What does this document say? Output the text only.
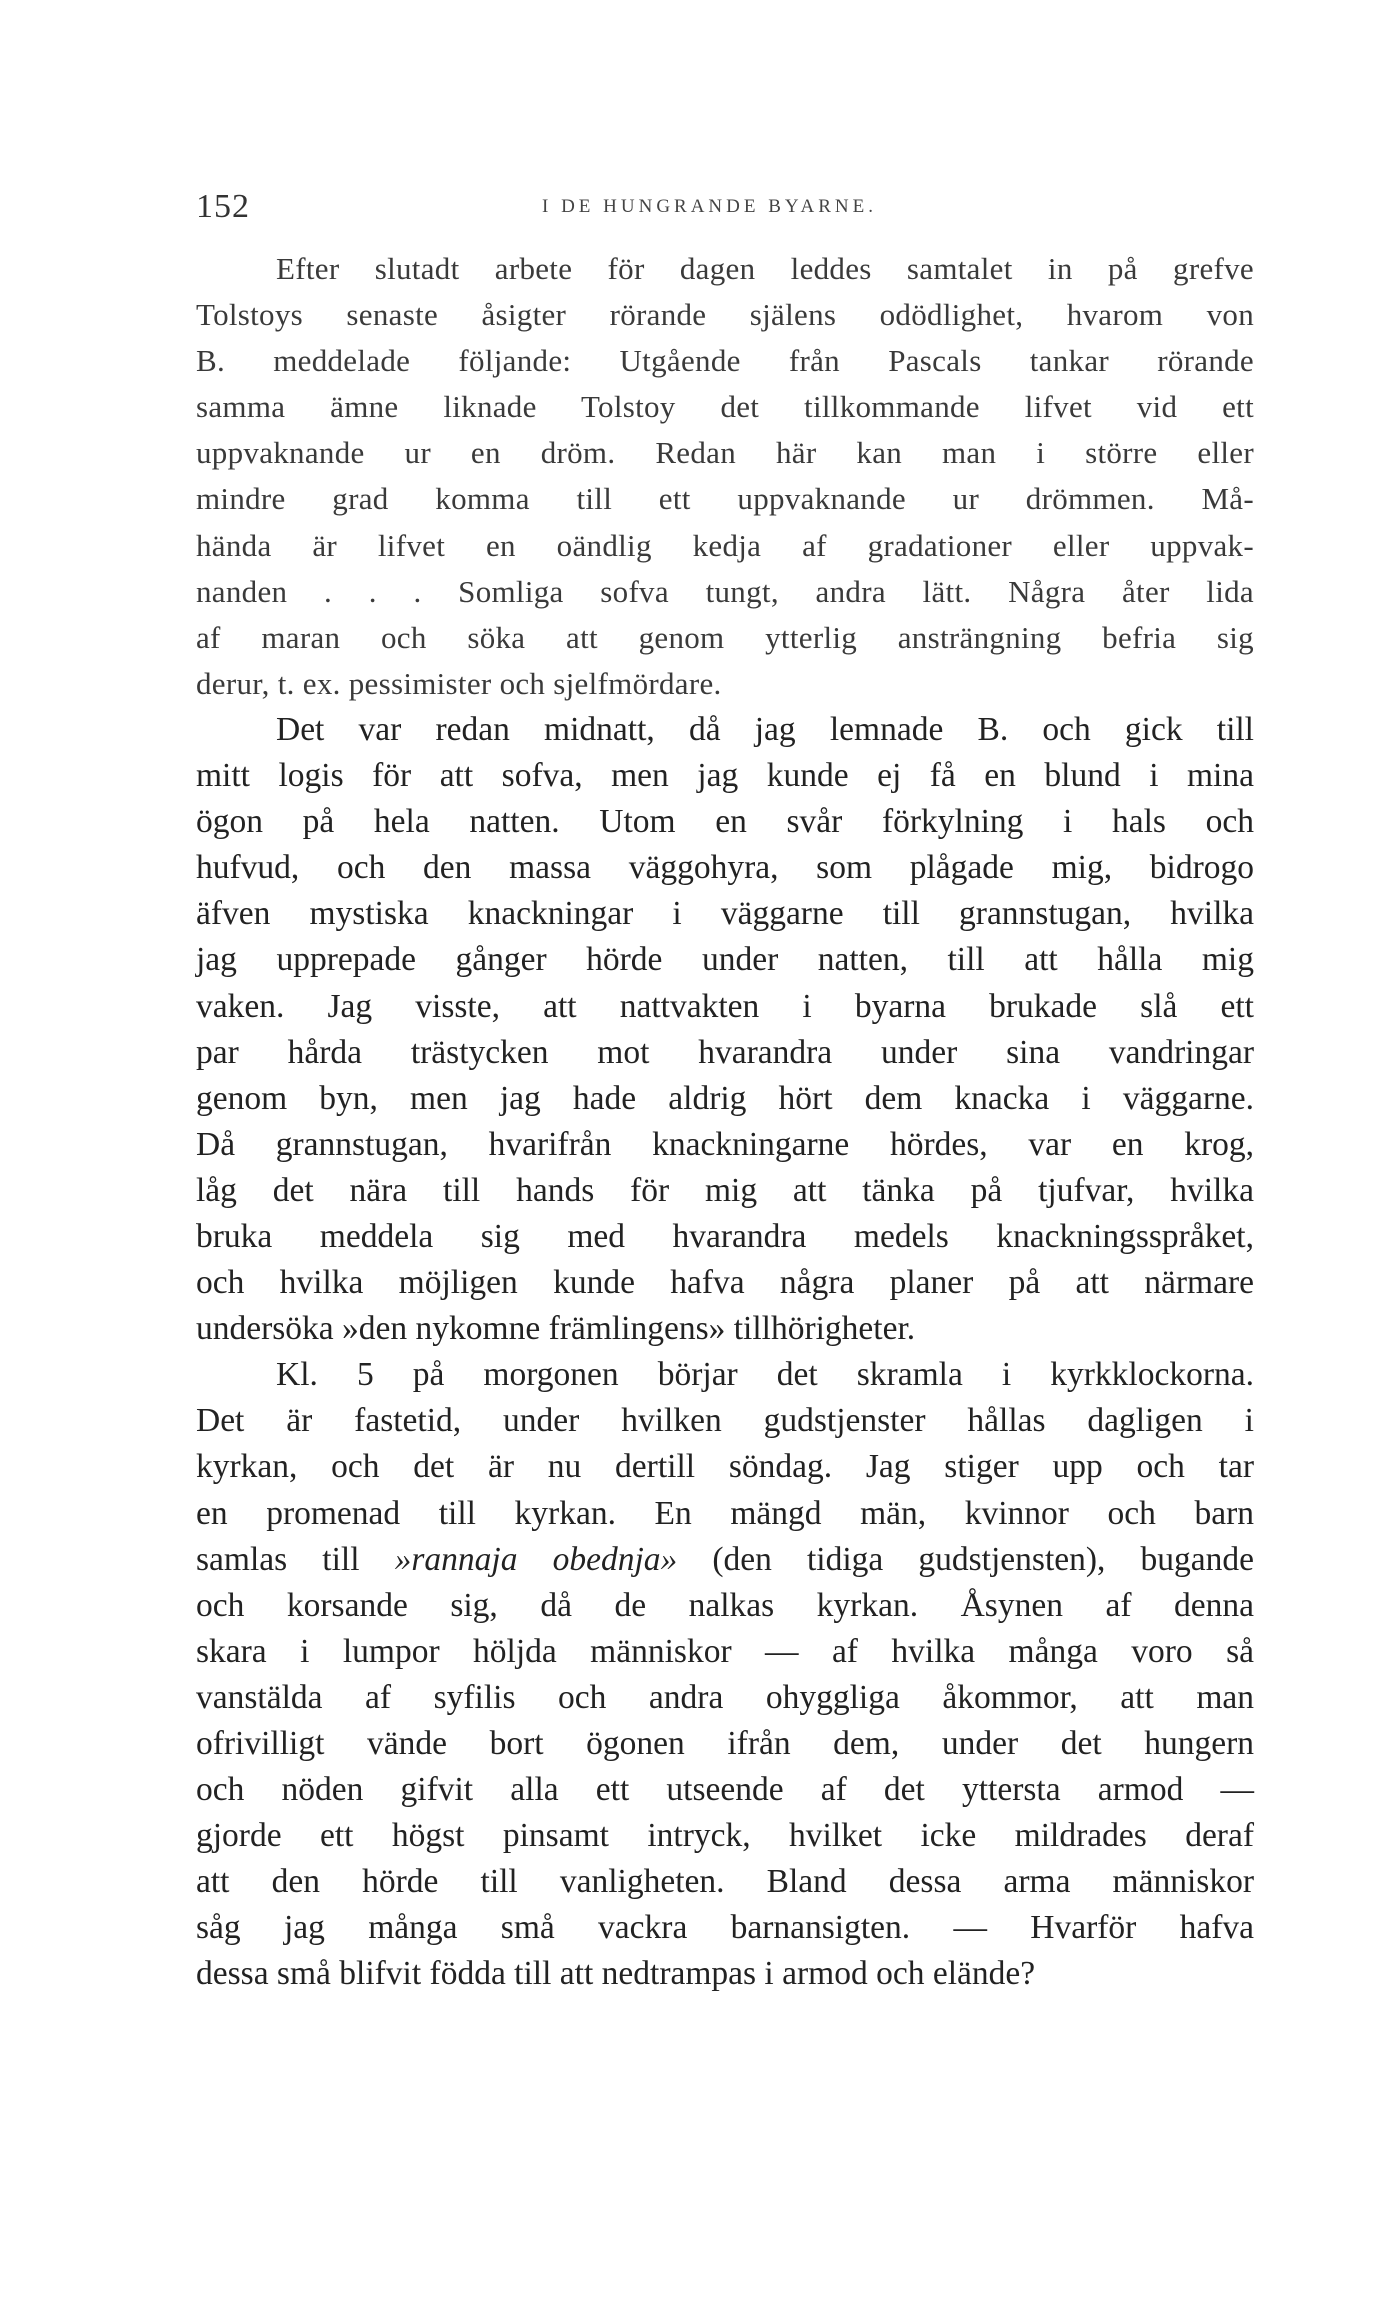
152	I DE HUNGRANDE BYARNE.
Efter slutadt arbete för dagen leddes samtalet in på grefve
Tolstoys senaste åsigter rörande själens odödlighet, hvarom von
B. meddelade följande: Utgående från Pascals tankar rörande
samma ämne liknade Tolstoy det tillkommande lifvet vid ett
uppvaknande ur en dröm. Redan här kan man i större eller
mindre grad komma till ett uppvaknande ur drömmen. Må-
hända är lifvet en oändlig kedja af gradationer eller uppvak-
nanden . . . Somliga sofva tungt, andra lätt. Några åter lida
af maran och söka att genom ytterlig ansträngning befria sig
derur, t. ex. pessimister och sjelfmördare.
Det var redan midnatt, då jag lemnade B. och gick till
mitt logis för att sofva, men jag kunde ej få en blund i mina
ögon på hela natten. Utom en svår förkylning i hals och
hufvud, och den massa väggohyra, som plågade mig, bidrogo
äfven mystiska knackningar i väggarne till grannstugan, hvilka
jag upprepade gånger hörde under natten, till att hålla mig
vaken. Jag visste, att nattvakten i byarna brukade slå ett
par hårda trästycken mot hvarandra under sina vandringar
genom byn, men jag hade aldrig hört dem knacka i väggarne.
Då grannstugan, hvarifrån knackningarne hördes, var en krog,
låg det nära till hands för mig att tänka på tjufvar, hvilka
bruka meddela sig med hvarandra medels knackningsspråket,
och hvilka möjligen kunde hafva några planer på att närmare
undersöka »den nykomne främlingens» tillhörigheter.
Kl. 5 på morgonen börjar det skramla i kyrkklockorna.
Det är fastetid, under hvilken gudstjenster hållas dagligen i
kyrkan, och det är nu dertill söndag. Jag stiger upp och tar
en promenad till kyrkan. En mängd män, kvinnor och barn
samlas till »rannaja obednja» (den tidiga gudstjensten), bugande
och korsande sig, då de nalkas kyrkan. Åsynen af denna
skara i lumpor höljda människor — af hvilka många voro så
vanstälda af syfilis och andra ohyggliga åkommor, att man
ofrivilligt vände bort ögonen ifrån dem, under det hungern
och nöden gifvit alla ett utseende af det yttersta armod —
gjorde ett högst pinsamt intryck, hvilket icke mildrades deraf
att den hörde till vanligheten. Bland dessa arma människor
såg jag många små vackra barnansigten. — Hvarför hafva
dessa små blifvit födda till att nedtrampas i armod och elände?
